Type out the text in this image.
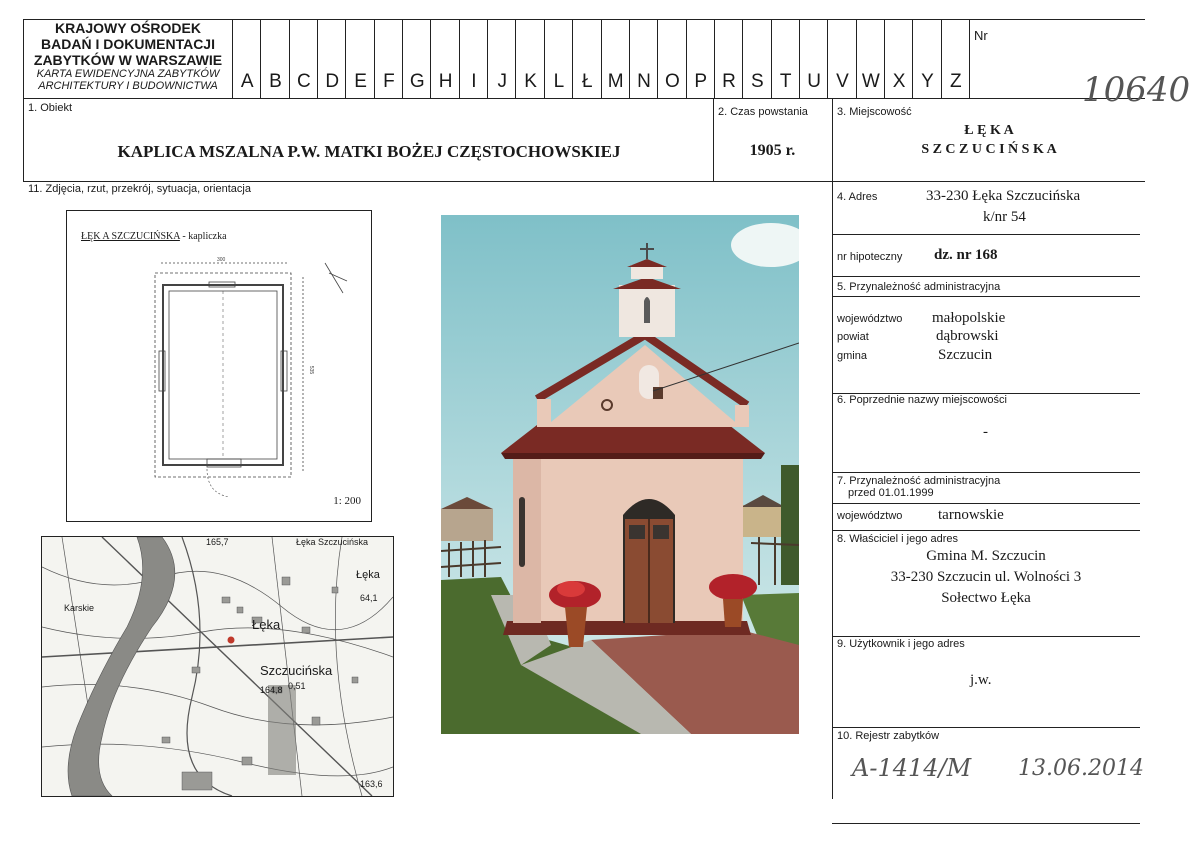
KRAJOWY OŚRODEK
BADAŃ I DOKUMENTACJI
ZABYTKÓW W WARSZAWIE
KARTA EWIDENCYJNA ZABYTKÓW
ARCHITEKTURY I BUDOWNICTWA	A B C D E F G H I	J K L Ł M N O P R S T U V W X Y Z
Nr
10640
1. Obiekt
KAPLICA MSZALNA P.W. MATKI BOŻEJ CZĘSTOCHOWSKIEJ
2. Czas powstania
1905 r.
3. Miejscowość
Ł Ę K A
S Z C Z U C I Ń S K A
11. Zdjęcia, rzut, przekrój, sytuacja, orientacja
ŁĘK A SZCZUCIŃSKA - kapliczka
300
535
1: 200
165,7	Łęka Szczucińska
Łęka
64,1
Łęka
Szczucińska
164,8 0,51
163,6
Karskie
4. Adres	33-230 Łęka Szczucińska
k/nr 54
nr hipoteczny dz. nr 168
5. Przynależność administracyjna
województwo małopolskie
powiat	dąbrowski
gmina	Szczucin
6. Poprzednie nazwy miejscowości
-
7. Przynależność administracyjna
przed 01.01.1999
województwo tarnowskie
8. Właściciel i jego adres
Gmina M. Szczucin
33-230 Szczucin ul. Wolności 3
Sołectwo Łęka
9. Użytkownik i jego adres
j.w.
10. Rejestr zabytków
A-1414/M 13.06.2014
